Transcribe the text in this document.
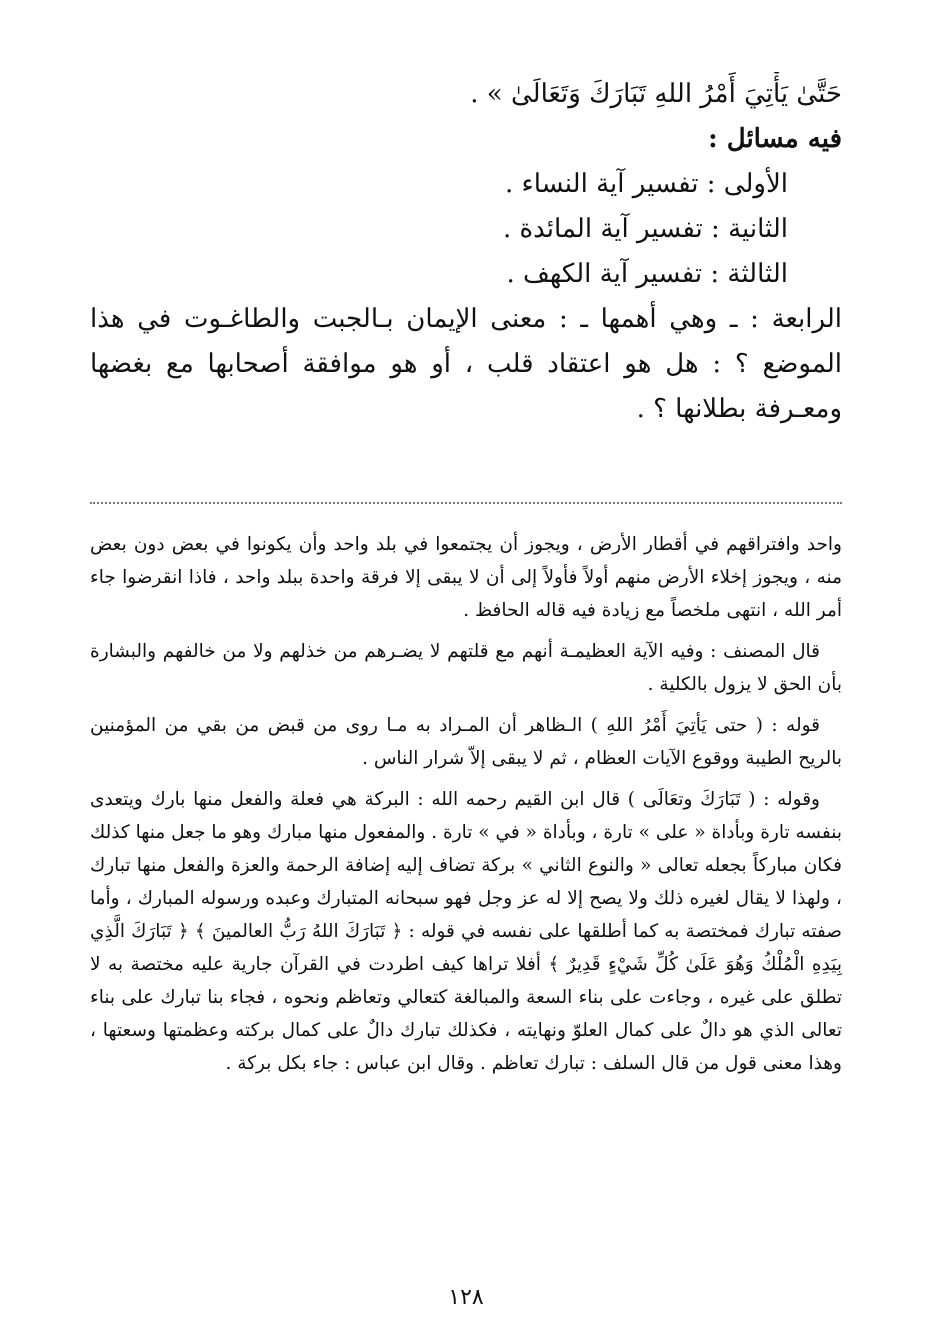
حَتَّىٰ يَأْتِيَ أَمْرُ اللهِ تَبَارَكَ وَتَعَالَىٰ » .
فيه مسائل :
الأولى : تفسير آية النساء .
الثانية : تفسير آية المائدة .
الثالثة : تفسير آية الكهف .
الرابعة : ـ وهي أهمها ـ : معنى الإيمان بـالجبت والطاغـوت في هذا الموضع ؟ : هل هو اعتقاد قلب ، أو هو موافقة أصحابها مع بغضها ومعـرفة بطلانها ؟ .

واحد وافتراقهم في أقطار الأرض ، ويجوز أن يجتمعوا في بلد واحد وأن يكونوا في بعض دون بعض منه ، ويجوز إخلاء الأرض منهم أولاً فأولاً إلى أن لا يبقى إلا فرقة واحدة ببلد واحد ، فاذا انقرضوا جاء أمر الله ، انتهى ملخصاً مع زيادة فيه قاله الحافظ .

قال المصنف : وفيه الآية العظيمـة أنهم مع قلتهم لا يضـرهم من خذلهم ولا من خالفهم والبشارة بأن الحق لا يزول بالكلية .

قوله : ( حتى يَأتِيَ أَمْرُ اللهِ ) الـظاهر أن المـراد به مـا روى من قبض من بقي من المؤمنين بالريح الطيبة ووقوع الآيات العظام ، ثم لا يبقى إلاّ شرار الناس .

وقوله : ( تَبَارَكَ وتعَالَى ) قال ابن القيم رحمه الله : البركة هي فعلة والفعل منها بارك ويتعدى بنفسه تارة وبأداة « على » تارة ، وبأداة « في » تارة . والمفعول منها مبارك وهو ما جعل منها كذلك فكان مباركاً بجعله تعالى « والنوع الثاني » بركة تضاف إليه إضافة الرحمة والعزة والفعل منها تبارك ، ولهذا لا يقال لغيره ذلك ولا يصح إلا له عز وجل فهو سبحانه المتبارك وعبده ورسوله المبارك ، وأما صفته تبارك فمختصة به كما أطلقها على نفسه في قوله : ﴿ تَبَارَكَ اللهُ رَبُّ العالمينَ ﴾ ﴿ تَبَارَكَ الَّذِي بِيَدِهِ الْمُلْكُ وَهُوَ عَلَىٰ كُلِّ شَيْءٍ قَدِيرٌ ﴾ أفلا تراها كيف اطردت في القرآن جارية عليه مختصة به لا تطلق على غيره ، وجاءت على بناء السعة والمبالغة كتعالي وتعاظم ونحوه ، فجاء بنا تبارك على بناء تعالى الذي هو دالٌ على كمال العلوّ ونهايته ، فكذلك تبارك دالٌ على كمال بركته وعظمتها وسعتها ، وهذا معنى قول من قال السلف : تبارك تعاظم . وقال ابن عباس : جاء بكل بركة .

١٢٨
